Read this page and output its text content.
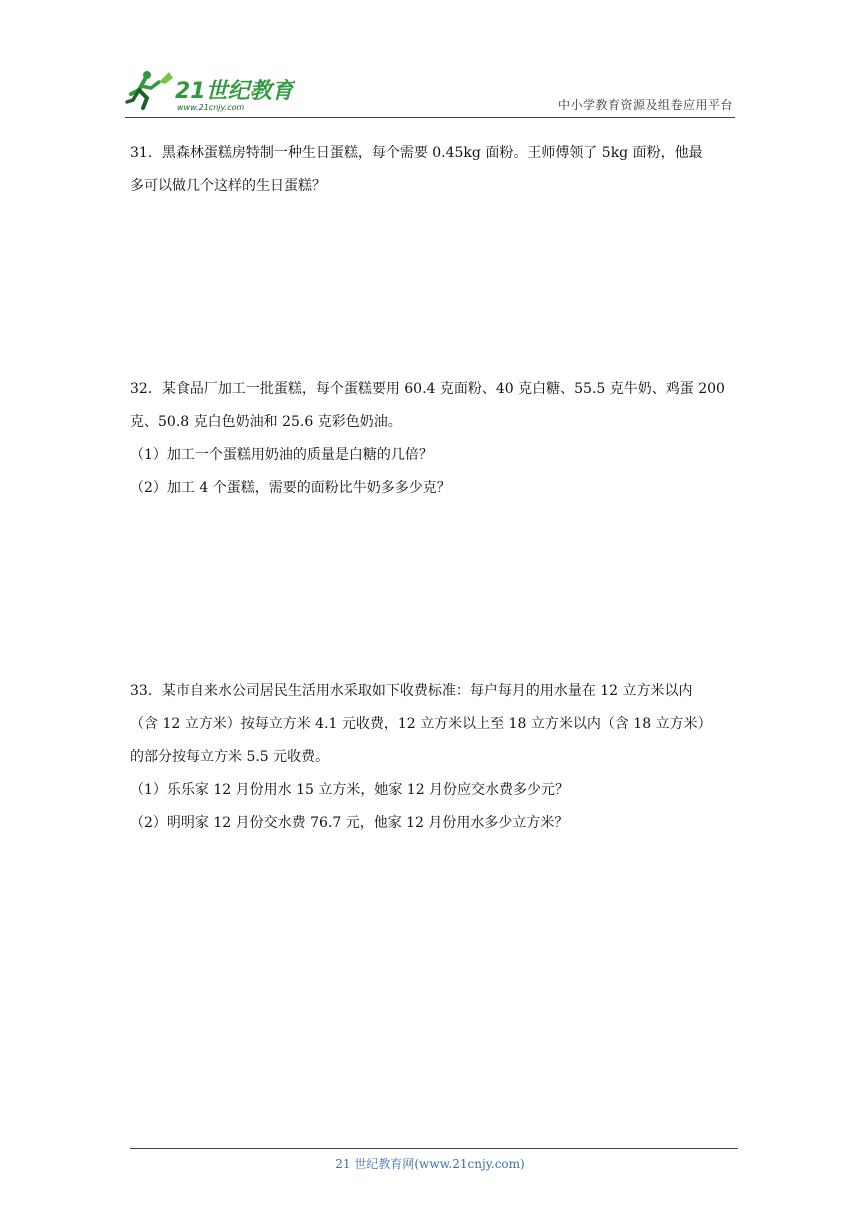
21世纪教育
www.21cnjy.com	中小学教育资源及组卷应用平台
31．黑森林蛋糕房特制一种生日蛋糕，每个需要 0.45kg 面粉。王师傅领了 5kg 面粉，他最
多可以做几个这样的生日蛋糕？
32．某食品厂加工一批蛋糕，每个蛋糕要用 60.4 克面粉、40 克白糖、55.5 克牛奶、鸡蛋 200
克、50.8 克白色奶油和 25.6 克彩色奶油。
（1）加工一个蛋糕用奶油的质量是白糖的几倍？
（2）加工 4 个蛋糕，需要的面粉比牛奶多多少克？
33．某市自来水公司居民生活用水采取如下收费标准：每户每月的用水量在 12 立方米以内
（含 12 立方米）按每立方米 4.1 元收费，12 立方米以上至 18 立方米以内（含 18 立方米）
的部分按每立方米 5.5 元收费。
（1）乐乐家 12 月份用水 15 立方米，她家 12 月份应交水费多少元？
（2）明明家 12 月份交水费 76.7 元，他家 12 月份用水多少立方米？
21 世纪教育网(www.21cnjy.com)
